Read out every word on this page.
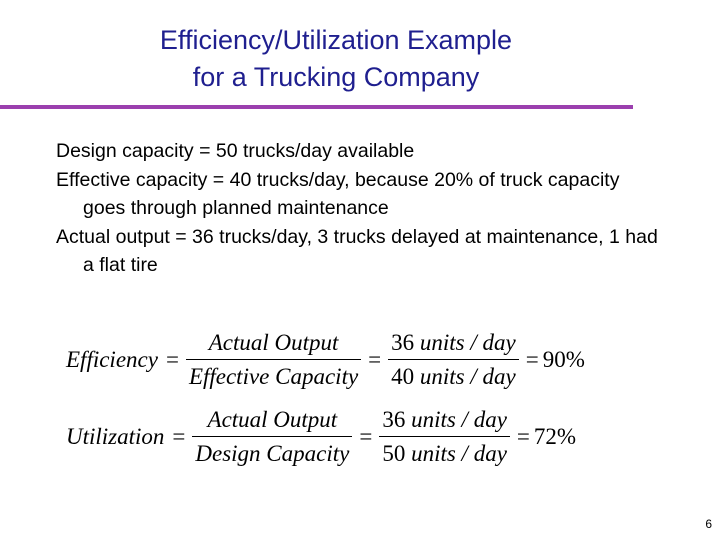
Efficiency/Utilization Example
for a Trucking Company
Design capacity = 50 trucks/day available
Effective capacity = 40 trucks/day, because 20% of truck capacity goes through planned maintenance
Actual output = 36 trucks/day, 3 trucks delayed at maintenance, 1 had a flat tire
Efficiency = $\frac{\text{Actual Output}}{\text{Effective Capacity}} = \frac{\text{36 units / day}}{\text{40 units / day}} = 90\%$
Utilization = $\frac{\text{Actual Output}}{\text{Design Capacity}} = \frac{\text{36 units / day}}{\text{50 units / day}} = 72\%$
6
